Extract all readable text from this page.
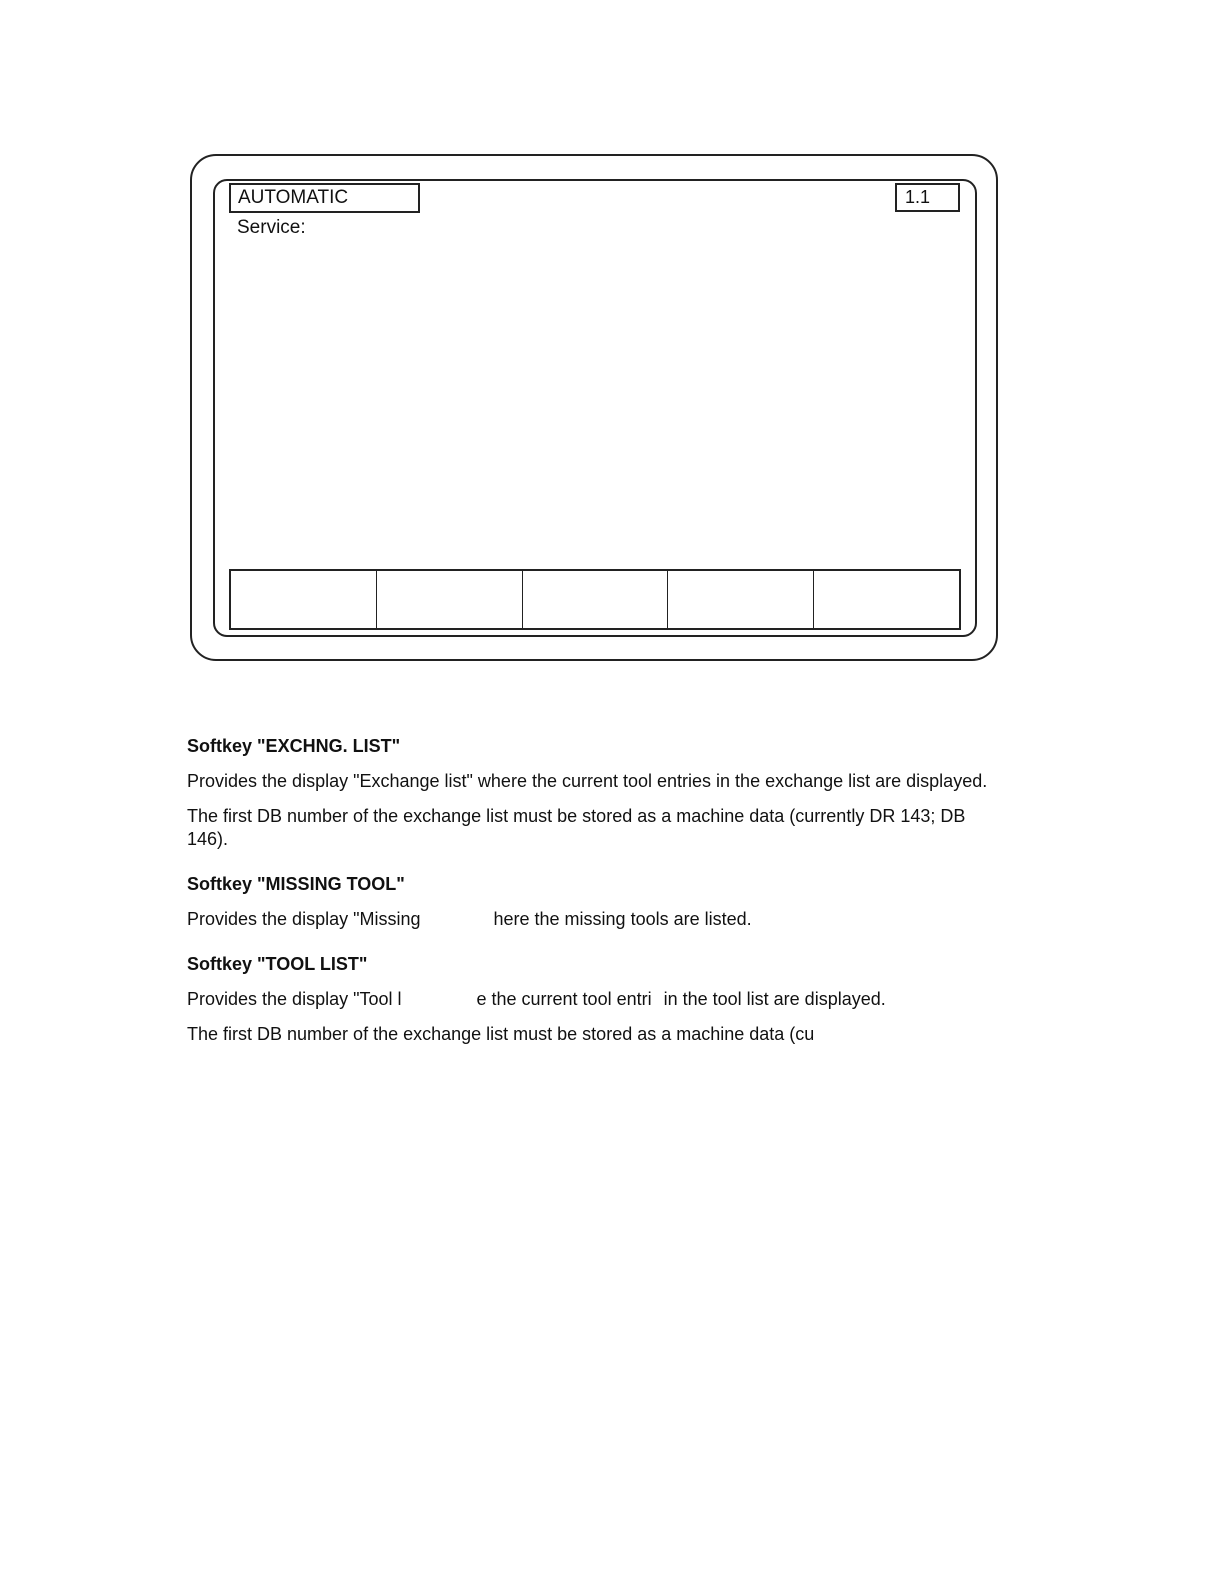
AUTOMATIC	1.1
Service:
Softkey "EXCHNG. LIST"

Provides the display "Exchange list" where the current tool entries in the exchange list are displayed.

The first DB number of the exchange list must be stored as a machine data (currently DR 143; DB 146).

Softkey "MISSING TOOL"

Provides the display "Missing	here the missing tools are listed.

Softkey "TOOL LIST"

Provides the display "Tool l	e the current tool entri in the tool list are displayed.

The first DB number of the exchange list must be stored as a machine data (cu
